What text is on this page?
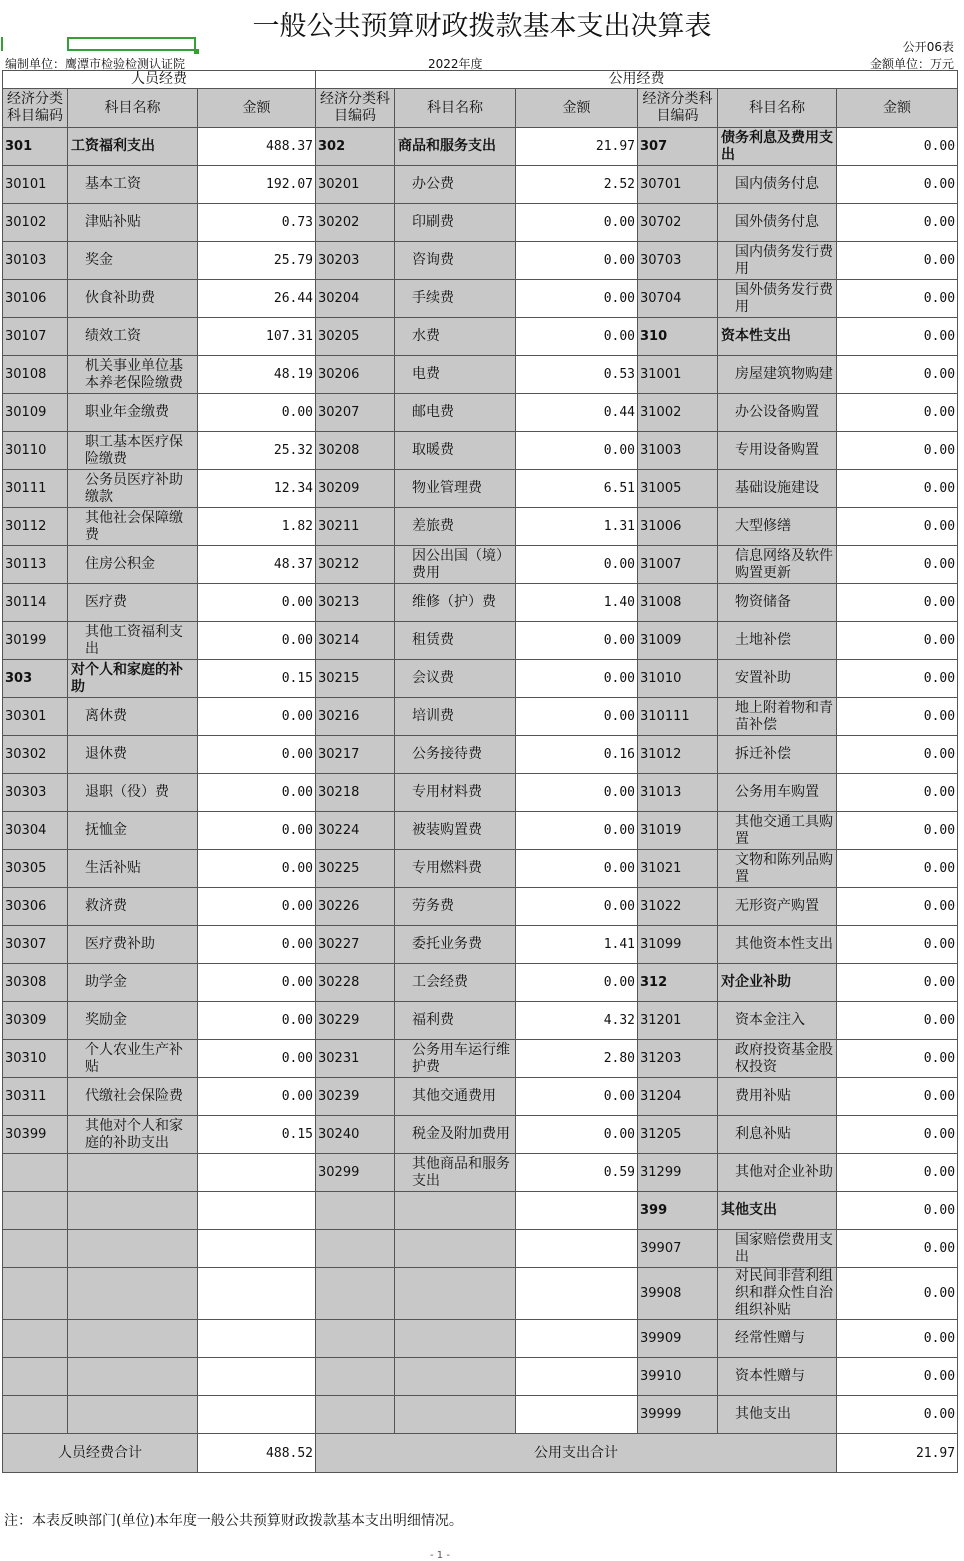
一般公共预算财政拨款基本支出决算表
公开06表
编制单位：鹰潭市检验检测认证院	2022年度	金额单位：万元
人员经费			公用经费					
经济分类科目编码	科目名称	金额	经济分类科目编码	科目名称	金额	经济分类科目编码	科目名称	金额
301	工资福利支出	488.37	302	商品和服务支出	21.97	307	债务利息及费用支出	0.00
30101	基本工资	192.07	30201	办公费	2.52	30701	国内债务付息	0.00
30102	津贴补贴	0.73	30202	印刷费	0.00	30702	国外债务付息	0.00
30103	奖金	25.79	30203	咨询费	0.00	30703	国内债务发行费用	0.00
30106	伙食补助费	26.44	30204	手续费	0.00	30704	国外债务发行费用	0.00
30107	绩效工资	107.31	30205	水费	0.00	310	资本性支出	0.00
30108	机关事业单位基本养老保险缴费	48.19	30206	电费	0.53	31001	房屋建筑物购建	0.00
30109	职业年金缴费	0.00	30207	邮电费	0.44	31002	办公设备购置	0.00
30110	职工基本医疗保险缴费	25.32	30208	取暖费	0.00	31003	专用设备购置	0.00
30111	公务员医疗补助缴款	12.34	30209	物业管理费	6.51	31005	基础设施建设	0.00
30112	其他社会保障缴费	1.82	30211	差旅费	1.31	31006	大型修缮	0.00
30113	住房公积金	48.37	30212	因公出国（境）费用	0.00	31007	信息网络及软件购置更新	0.00
30114	医疗费	0.00	30213	维修（护）费	1.40	31008	物资储备	0.00
30199	其他工资福利支出	0.00	30214	租赁费	0.00	31009	土地补偿	0.00
303	对个人和家庭的补助	0.15	30215	会议费	0.00	31010	安置补助	0.00
30301	离休费	0.00	30216	培训费	0.00	310111	地上附着物和青苗补偿	0.00
30302	退休费	0.00	30217	公务接待费	0.16	31012	拆迁补偿	0.00
30303	退职（役）费	0.00	30218	专用材料费	0.00	31013	公务用车购置	0.00
30304	抚恤金	0.00	30224	被装购置费	0.00	31019	其他交通工具购置	0.00
30305	生活补贴	0.00	30225	专用燃料费	0.00	31021	文物和陈列品购置	0.00
30306	救济费	0.00	30226	劳务费	0.00	31022	无形资产购置	0.00
30307	医疗费补助	0.00	30227	委托业务费	1.41	31099	其他资本性支出	0.00
30308	助学金	0.00	30228	工会经费	0.00	312	对企业补助	0.00
30309	奖励金	0.00	30229	福利费	4.32	31201	资本金注入	0.00
30310	个人农业生产补贴	0.00	30231	公务用车运行维护费	2.80	31203	政府投资基金股权投资	0.00
30311	代缴社会保险费	0.00	30239	其他交通费用	0.00	31204	费用补贴	0.00
30399	其他对个人和家庭的补助支出	0.15	30240	税金及附加费用	0.00	31205	利息补贴	0.00
			30299	其他商品和服务支出	0.59	31299	其他对企业补助	0.00
						399	其他支出	0.00
						39907	国家赔偿费用支出	0.00
						39908	对民间非营利组织和群众性自治组织补贴	0.00
						39909	经常性赠与	0.00
						39910	资本性赠与	0.00
						39999	其他支出	0.00
人员经费合计		488.52	公用支出合计					21.97
注：本表反映部门(单位)本年度一般公共预算财政拨款基本支出明细情况。
- 1 -
